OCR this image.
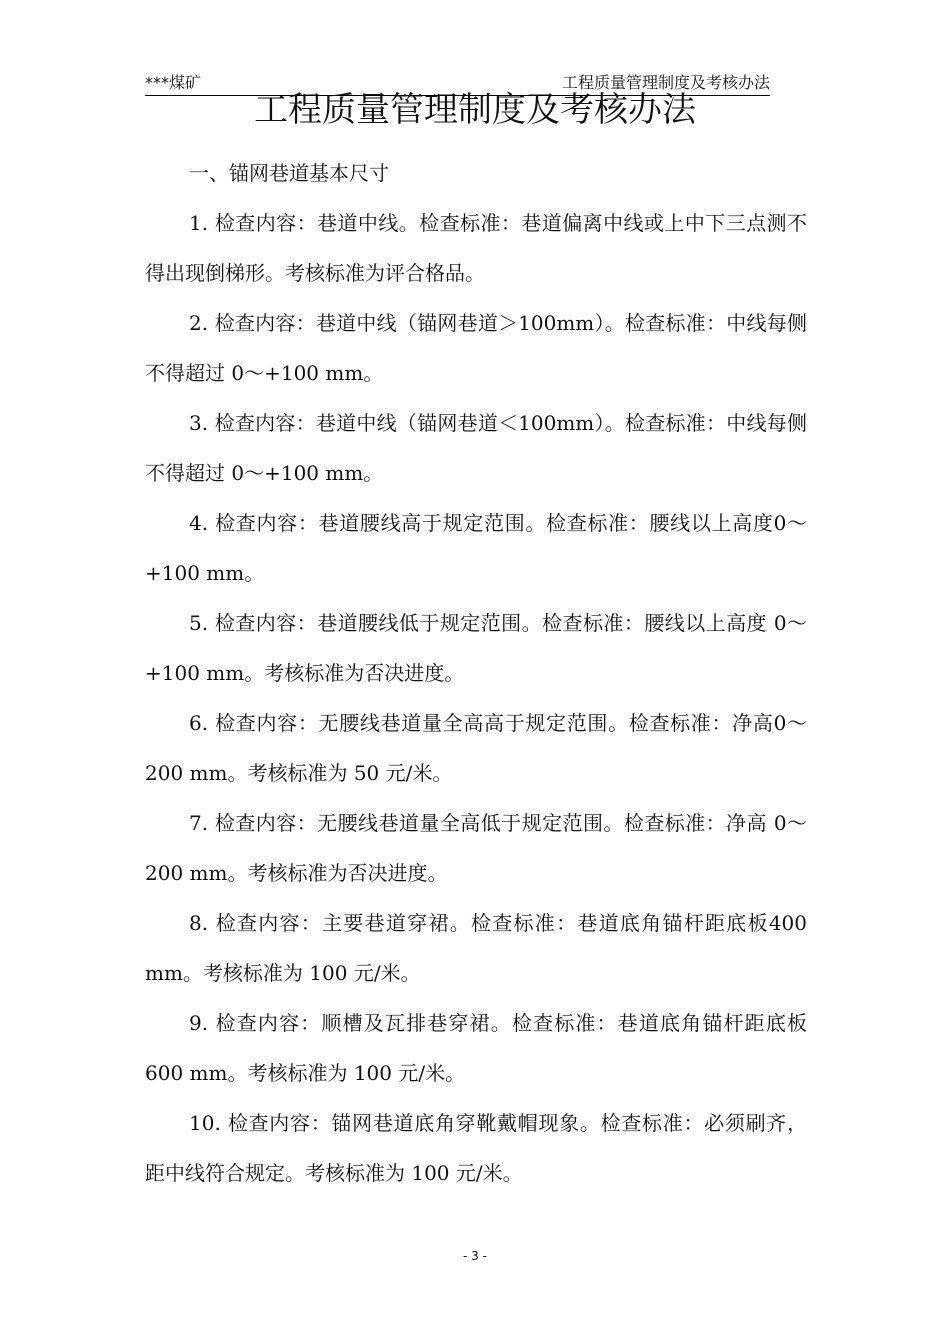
***煤矿	工程质量管理制度及考核办法
工程质量管理制度及考核办法

一、锚网巷道基本尺寸

1. 检查内容：巷道中线。检查标准：巷道偏离中线或上中下三点测不得出现倒梯形。考核标准为评合格品。

2. 检查内容：巷道中线（锚网巷道＞100mm）。检查标准：中线每侧不得超过 0～+100 mm。

3. 检查内容：巷道中线（锚网巷道＜100mm）。检查标准：中线每侧不得超过 0～+100 mm。

4. 检查内容：巷道腰线高于规定范围。检查标准：腰线以上高度0～+100 mm。

5. 检查内容：巷道腰线低于规定范围。检查标准：腰线以上高度 0～+100 mm。考核标准为否决进度。

6. 检查内容：无腰线巷道量全高高于规定范围。检查标准：净高0～200 mm。考核标准为 50 元/米。

7. 检查内容：无腰线巷道量全高低于规定范围。检查标准：净高 0～200 mm。考核标准为否决进度。

8. 检查内容：主要巷道穿裙。检查标准：巷道底角锚杆距底板400 mm。考核标准为 100 元/米。

9. 检查内容：顺槽及瓦排巷穿裙。检查标准：巷道底角锚杆距底板 600 mm。考核标准为 100 元/米。

10. 检查内容：锚网巷道底角穿靴戴帽现象。检查标准：必须刷齐，距中线符合规定。考核标准为 100 元/米。

- 3 -
